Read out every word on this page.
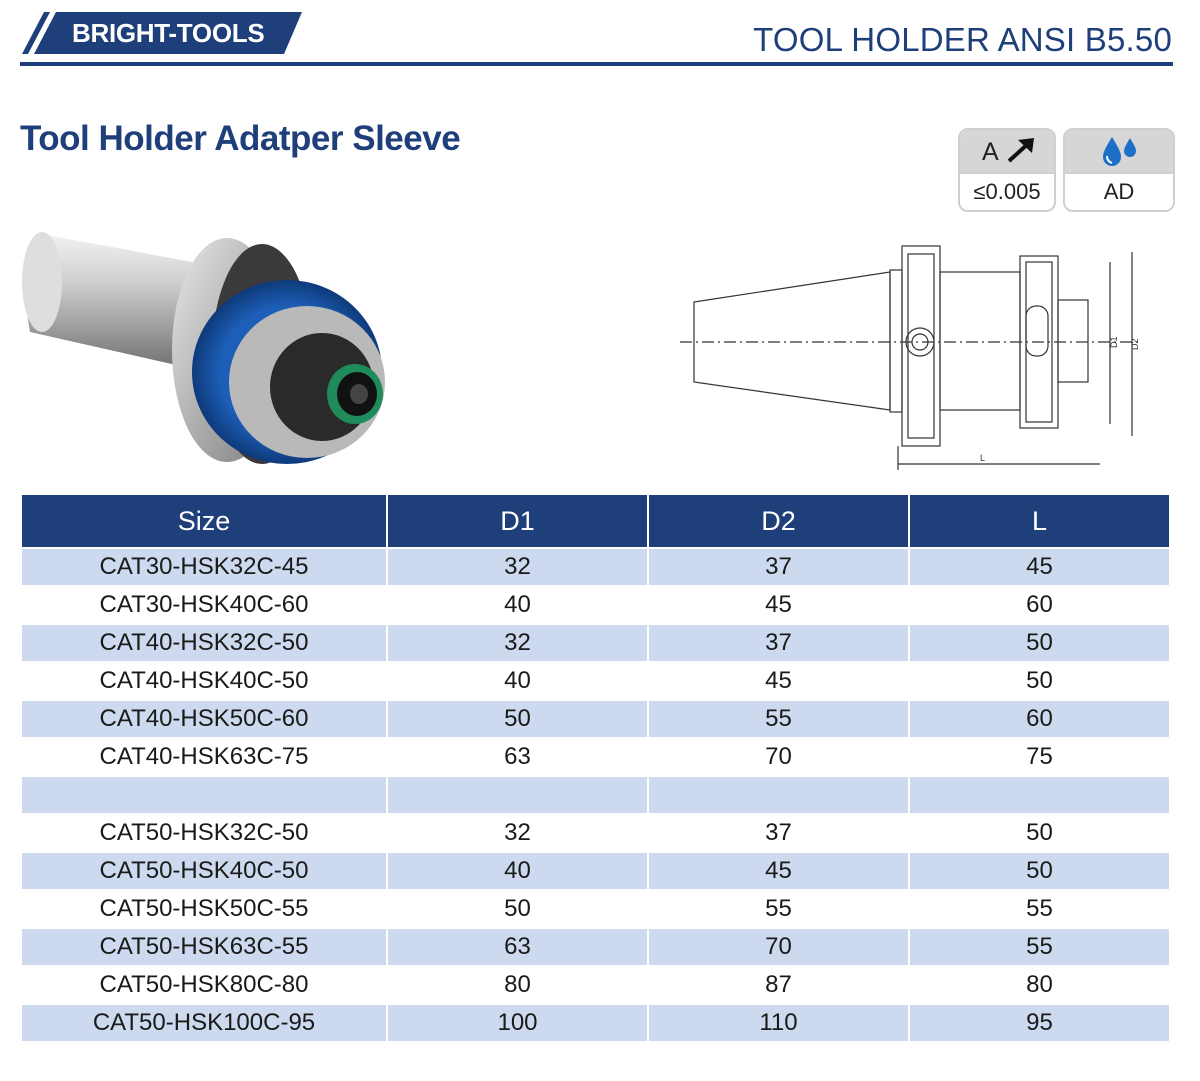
BRIGHT-TOOLS	TOOL HOLDER ANSI B5.50
Tool Holder Adatper Sleeve	A
≤0.005	AD
D1 D2
L
Size	D1	D2	L
CAT30-HSK32C-45	32	37	45
CAT30-HSK40C-60	40	45	60
CAT40-HSK32C-50	32	37	50
CAT40-HSK40C-50	40	45	50
CAT40-HSK50C-60	50	55	60
CAT40-HSK63C-75	63	70	75

CAT50-HSK32C-50	32	37	50
CAT50-HSK40C-50	40	45	50
CAT50-HSK50C-55	50	55	55
CAT50-HSK63C-55	63	70	55
CAT50-HSK80C-80	80	87	80
CAT50-HSK100C-95	100	110	95
